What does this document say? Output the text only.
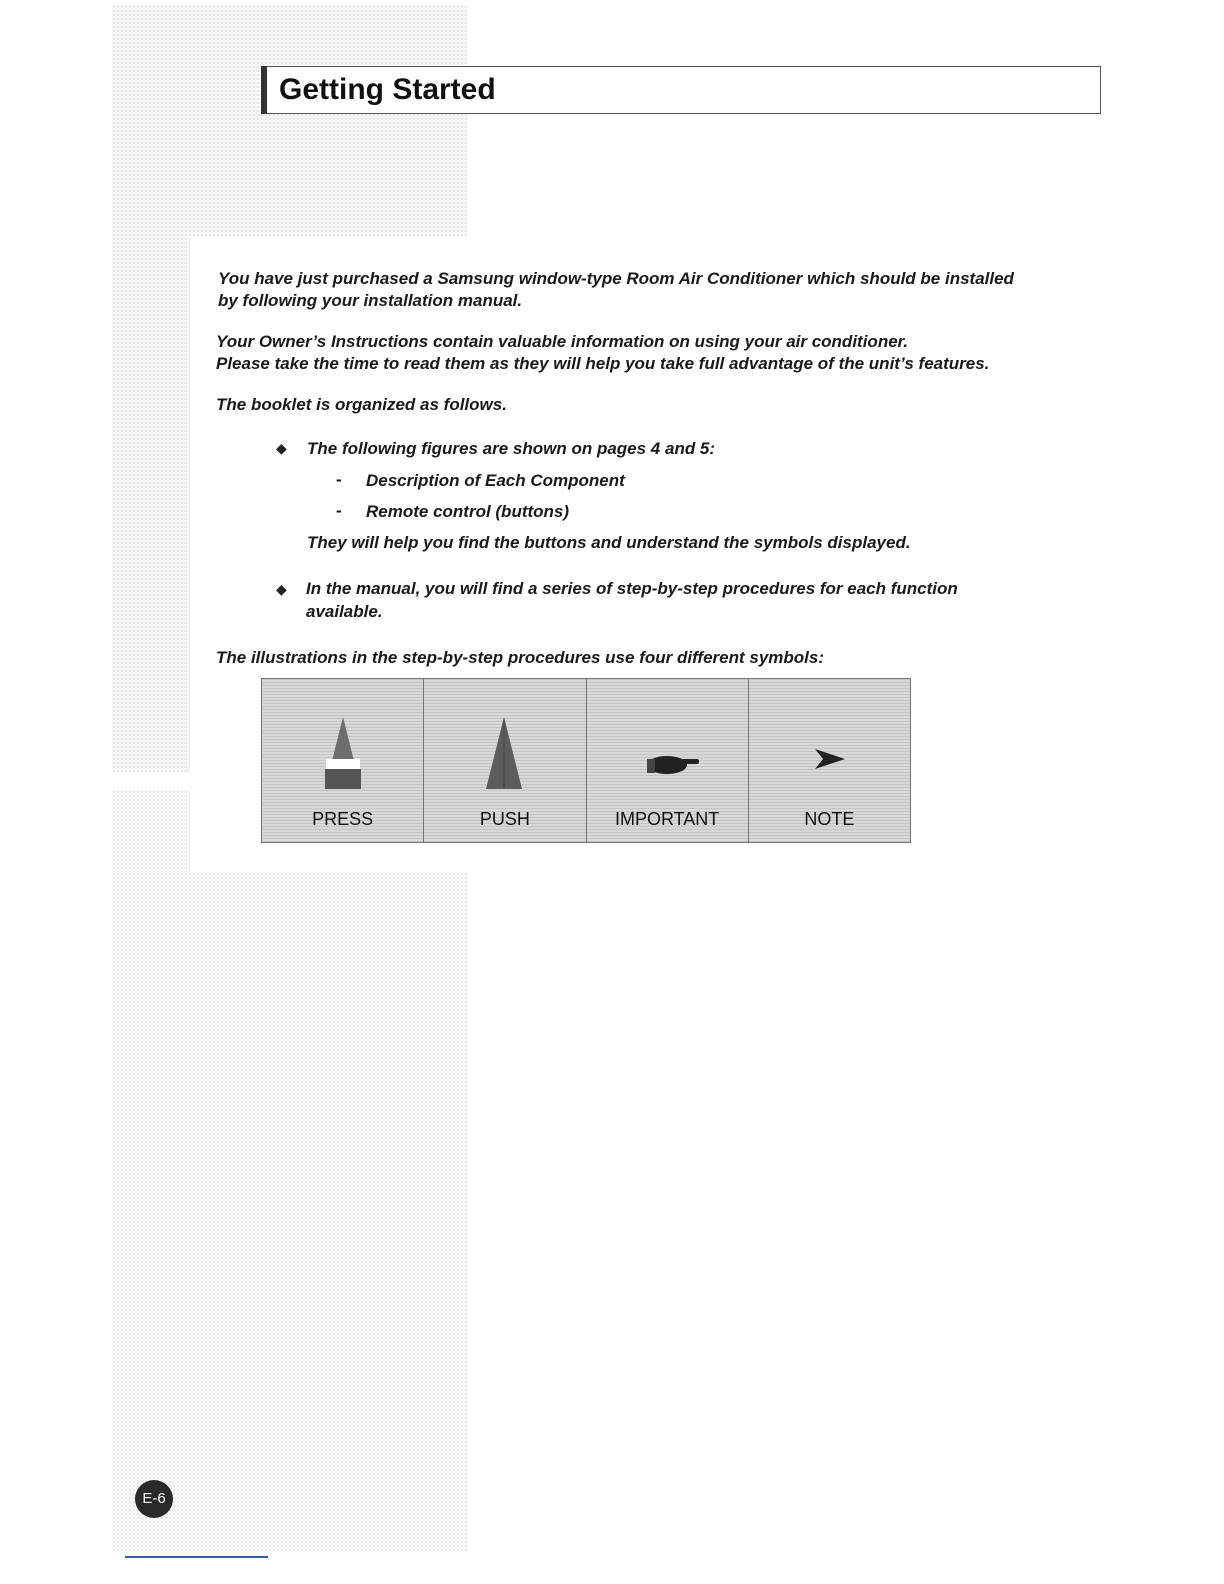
Getting Started

You have just purchased a Samsung window-type Room Air Conditioner which should be installed

by following your installation manual.

Your Owner’s Instructions contain valuable information on using your air conditioner.

Please take the time to read them as they will help you take full advantage of the unit’s features.

The booklet is organized as follows.

◆ The following figures are shown on pages 4 and 5:

- Description of Each Component

- Remote control (buttons)

They will help you find the buttons and understand the symbols displayed.

◆ In the manual, you will find a series of step-by-step procedures for each function

available.

The illustrations in the step-by-step procedures use four different symbols:

PRESS	PUSH	IMPORTANT	NOTE
E-6
